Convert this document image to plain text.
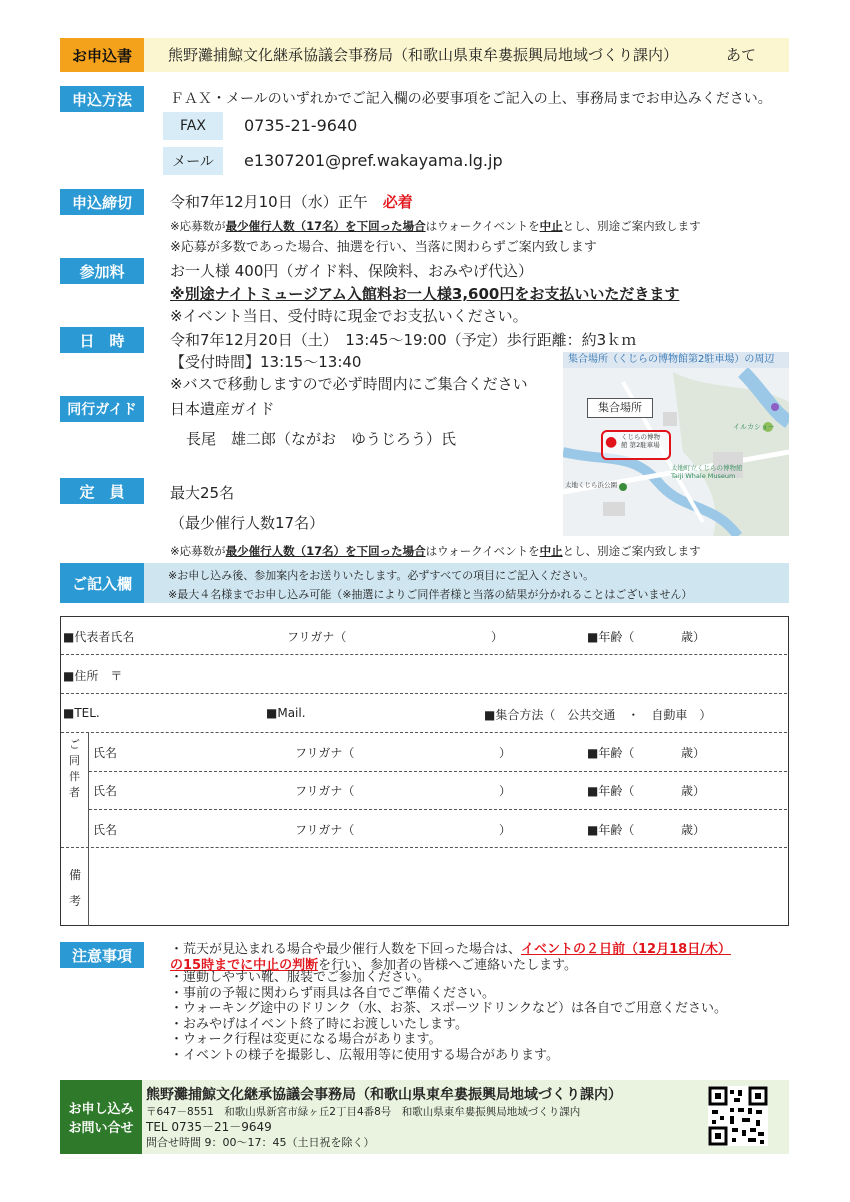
お申込書	熊野灘捕鯨文化継承協議会事務局（和歌山県東牟婁振興局地域づくり課内）	あて
申込方法	ＦＡＸ・メールのいずれかでご記入欄の必要事項をご記入の上、事務局までお申込みください。
FAX	0735-21-9640
メール	e1307201@pref.wakayama.lg.jp
申込締切	令和7年12月10日（水）正午　 必着
※応募数が最少催行人数（17名）を下回った場合はウォークイベントを中止とし、別途ご案内致します
※応募が多数であった場合、抽選を行い、当落に関わらずご案内致します
参加料	お一人様 400円（ガイド料、保険料、おみやげ代込）
※別途ナイトミュージアム入館料お一人様3,600円をお支払いいただきます
※イベント当日、受付時に現金でお支払いください。
日　時	令和7年12月20日（土）　13:45～19:00（予定）歩行距離：約3ｋｍ
【受付時間】13:15～13:40
※バスで移動しますので必ず時間内にご集合ください
同行ガイド	日本遺産ガイド
長尾　雄二郎（ながお　ゆうじろう）氏
定　員	最大25名
（最少催行人数17名）
集合場所（くじらの博物館第2駐車場）の周辺
集合場所
● くじらの博物館 第2駐車場
イルカショー
太地町立くじらの博物館
Taiji Whale Museum
太地くじら浜公園
※応募数が最少催行人数（17名）を下回った場合はウォークイベントを中止とし、別途ご案内致します
ご記入欄	※お申し込み後、参加案内をお送りいたします。必ずすべての項目にご記入ください。
※最大４名様までお申し込み可能（※抽選によりご同伴者様と当落の結果が分かれることはございません）
■代表者氏名	フリガナ（	）	■年齢（	歳）
■住所　〒
■TEL.	■Mail.	■集合方法（　公共交通　・　自動車　）
ご同伴者
氏名	フリガナ（	）	■年齢（	歳）
氏名	フリガナ（	）	■年齢（	歳）
氏名	フリガナ（	）	■年齢（	歳）
備考
注意事項	・荒天が見込まれる場合や最少催行人数を下回った場合は、イベントの２日前（12月18日/木）
の15時までに中止の判断を行い、参加者の皆様へご連絡いたします。
・運動しやすい靴、服装でご参加ください。
・事前の予報に関わらず雨具は各自でご準備ください。
・ウォーキング途中のドリンク（水、お茶、スポーツドリンクなど）は各自でご用意ください。
・おみやげはイベント終了時にお渡しいたします。
・ウォーク行程は変更になる場合があります。
・イベントの様子を撮影し、広報用等に使用する場合があります。
お申し込み
お問い合せ
熊野灘捕鯨文化継承協議会事務局（和歌山県東牟婁振興局地域づくり課内）
〒647－8551　和歌山県新宮市緑ヶ丘2丁目4番8号　和歌山県東牟婁振興局地域づくり課内
TEL 0735－21－9649
問合せ時間 9：00～17：45（土日祝を除く）
